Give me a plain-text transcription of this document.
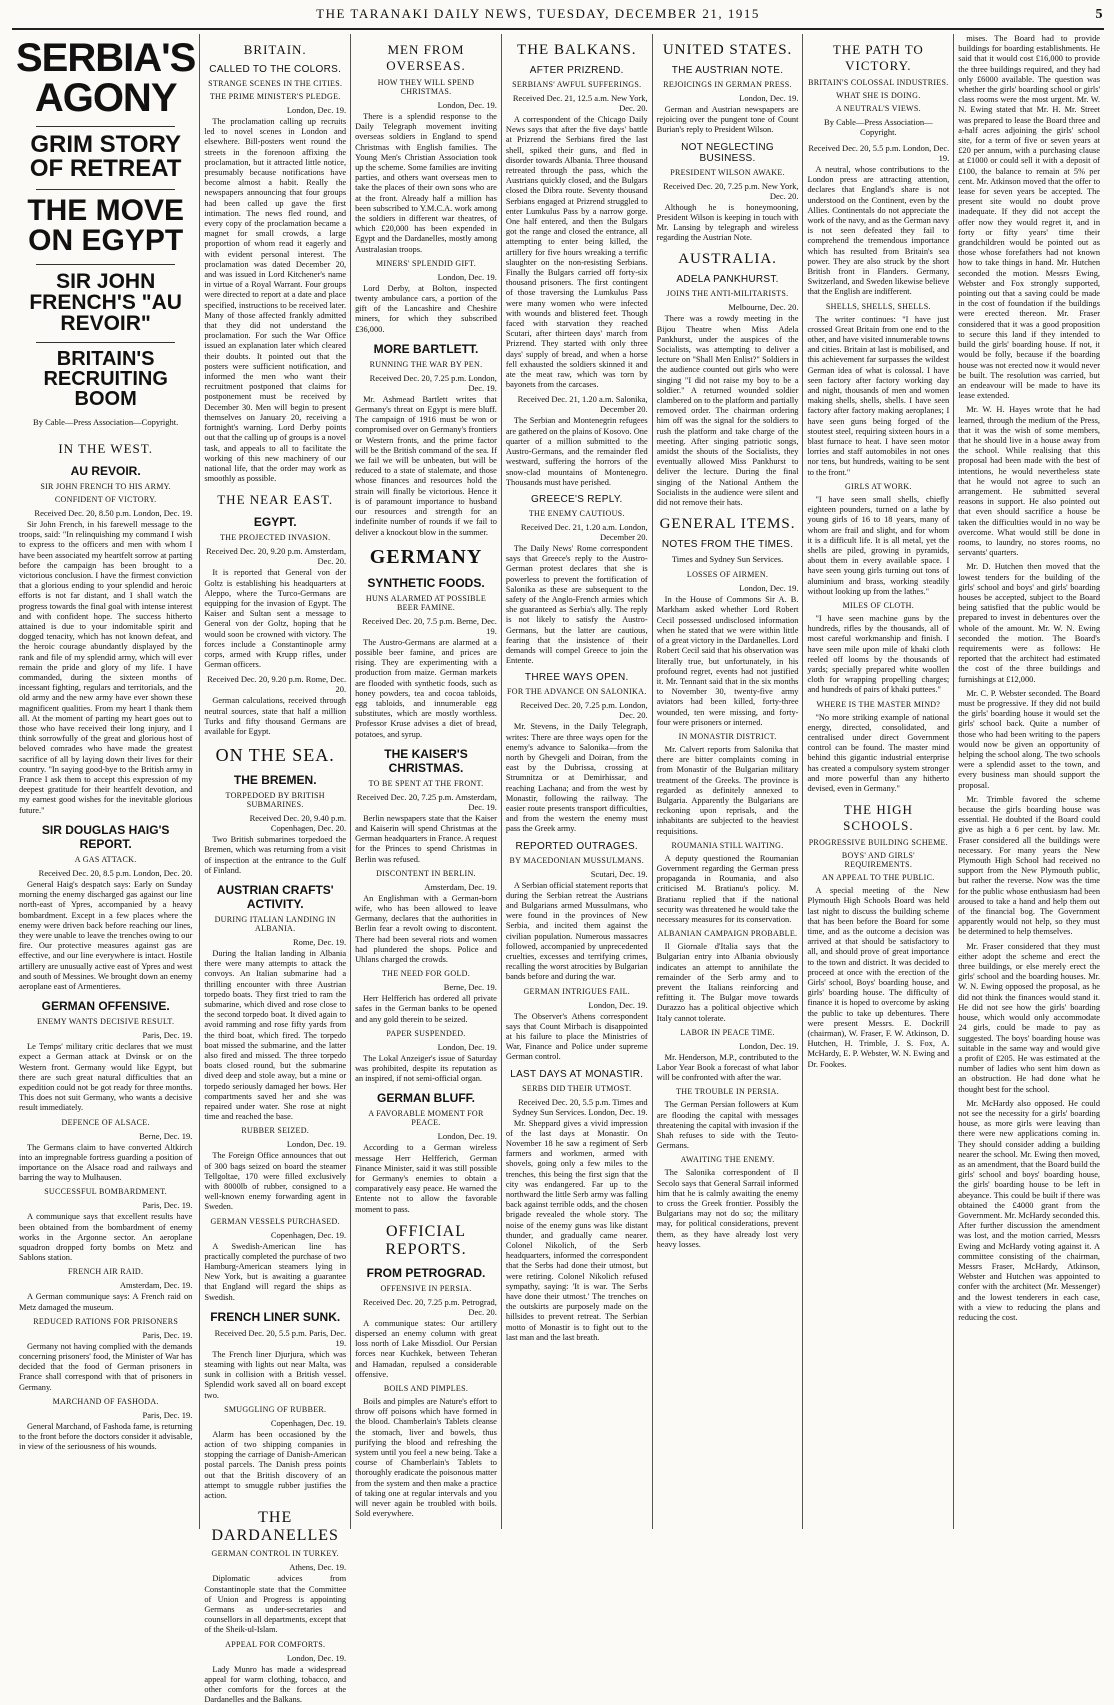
THE TARANAKI DAILY NEWS, TUESDAY, DECEMBER 21, 1915	5
SERBIA'S AGONY
GRIM STORY OF RETREAT
THE MOVE ON EGYPT
SIR JOHN FRENCH'S "AU REVOIR"
BRITAIN'S RECRUITING BOOM
By Cable—Press Association—Copyright.
IN THE WEST.
AU REVOIR.
SIR JOHN FRENCH TO HIS ARMY.
CONFIDENT OF VICTORY.
Received Dec. 20, 8.50 p.m. London, Dec. 19.

Sir John French, in his farewell message to the troops, said: "In relinquishing my command I wish to express to the officers and men with whom I have been associated my heartfelt sorrow at parting before the campaign has been brought to a victorious conclusion. I have the firmest conviction that a glorious ending to your splendid and heroic efforts is not far distant, and I shall watch the progress towards the final goal with intense interest and with confident hope. The success hitherto attained is due to your indomitable spirit and dogged tenacity, which has not known defeat, and the heroic courage abundantly displayed by the rank and file of my splendid army, which will ever remain the pride and glory of my life. I have commanded, during the sixteen months of incessant fighting, regulars and territorials, and the old army and the new army have ever shown these magnificent qualities. From my heart I thank them all. At the moment of parting my heart goes out to those who have received their long injury, and I think sorrowfully of the great and glorious host of beloved comrades who have made the greatest sacrifice of all by laying down their lives for their country. "In saying good-bye to the British army in France I ask them to accept this expression of my deepest gratitude for their heartfelt devotion, and my earnest good wishes for the inevitable glorious future."

SIR DOUGLAS HAIG'S REPORT.
A GAS ATTACK.
Received Dec. 20, 8.5 p.m. London, Dec. 20.

General Haig's despatch says: Early on Sunday morning the enemy discharged gas against our line north-east of Ypres, accompanied by a heavy bombardment. Except in a few places where the enemy were driven back before reaching our lines, they were unable to leave the trenches owing to our fire. Our protective measures against gas are effective, and our line everywhere is intact. Hostile artillery are unusually active east of Ypres and west and south of Messines. We brought down an enemy aeroplane east of Armentieres.

GERMAN OFFENSIVE.
ENEMY WANTS DECISIVE RESULT.
Paris, Dec. 19.

Le Temps' military critic declares that we must expect a German attack at Dvinsk or on the Western front. Germany would like Egypt, but there are such great natural difficulties that an expedition could not be got ready for three months. This does not suit Germany, who wants a decisive result immediately.

DEFENCE OF ALSACE.
Berne, Dec. 19.

The Germans claim to have converted Altkirch into an impregnable fortress guarding a position of importance on the Alsace road and railways and barring the way to Mulhausen.

SUCCESSFUL BOMBARDMENT.
Paris, Dec. 19.

A communique says that excellent results have been obtained from the bombardment of enemy works in the Argonne sector. An aeroplane squadron dropped forty bombs on Metz and Sablons station.

FRENCH AIR RAID.
Amsterdam, Dec. 19.

A German communique says: A French raid on Metz damaged the museum.

REDUCED RATIONS FOR PRISONERS
Paris, Dec. 19.

Germany not having complied with the demands concerning prisoners' food, the Minister of War has decided that the food of German prisoners in France shall correspond with that of prisoners in Germany.

MARCHAND OF FASHODA.
Paris, Dec. 19.

General Marchand, of Fashoda fame, is returning to the front before the doctors consider it advisable, in view of the seriousness of his wounds.

BRITAIN.
CALLED TO THE COLORS.
STRANGE SCENES IN THE CITIES.
THE PRIME MINISTER'S PLEDGE.
London, Dec. 19.

The proclamation calling up recruits led to novel scenes in London and elsewhere. Bill-posters went round the streets in the forenoon affixing the proclamation, but it attracted little notice, presumably because notifications have become almost a habit. Really the newspapers announcing that four groups had been called up gave the first intimation. The news fled round, and every copy of the proclamation became a magnet for small crowds, a large proportion of whom read it eagerly and with evident personal interest. The proclamation was dated December 20, and was issued in Lord Kitchener's name in virtue of a Royal Warrant. Four groups were directed to report at a date and place specified, instructions to be received later. Many of those affected frankly admitted that they did not understand the proclamation. For such the War Office issued an explanation later which cleared their doubts. It pointed out that the posters were sufficient notification, and informed the men who want their recruitment postponed that claims for postponement must be received by December 30. Men will begin to present themselves on January 20, receiving a fortnight's warning. Lord Derby points out that the calling up of groups is a novel task, and appeals to all to facilitate the working of this new machinery of our national life, that the order may work as smoothly as possible.

THE NEAR EAST.
EGYPT.
THE PROJECTED INVASION.
Received Dec. 20, 9.20 p.m. Amsterdam, Dec. 20.

It is reported that General von der Goltz is establishing his headquarters at Aleppo, where the Turco-Germans are equipping for the invasion of Egypt. The Kaiser and Sultan sent a message to General von der Goltz, hoping that he would soon be crowned with victory. The forces include a Constantinople army corps, armed with Krupp rifles, under German officers.

Received Dec. 20, 9.20 p.m. Rome, Dec. 20.

German calculations, received through neutral sources, state that half a million Turks and fifty thousand Germans are available for Egypt.

ON THE SEA.
THE BREMEN.
TORPEDOED BY BRITISH SUBMARINES.
Received Dec. 20, 9.40 p.m. Copenhagen, Dec. 20.

Two British submarines torpedoed the Bremen, which was returning from a visit of inspection at the entrance to the Gulf of Finland.

AUSTRIAN CRAFTS' ACTIVITY.
DURING ITALIAN LANDING IN ALBANIA.
Rome, Dec. 19.

During the Italian landing in Albania there were many attempts to attack the convoys. An Italian submarine had a thrilling encounter with three Austrian torpedo boats. They first tried to ram the submarine, which dived and rose close to the second torpedo boat. It dived again to avoid ramming and rose fifty yards from the third boat, which fired. The torpedo boat missed the submarine, and the latter also fired and missed. The three torpedo boats closed round, but the submarine dived deep and stole away, but a mine or torpedo seriously damaged her bows. Her compartments saved her and she was repaired under water. She rose at night time and reached the base.

RUBBER SEIZED.
London, Dec. 19.

The Foreign Office announces that out of 300 bags seized on board the steamer Tellgoltae, 170 were filled exclusively with 8000lb of rubber, consigned to a well-known enemy forwarding agent in Sweden.

GERMAN VESSELS PURCHASED.
Copenhagen, Dec. 19.

A Swedish-American line has practically completed the purchase of two Hamburg-American steamers lying in New York, but is awaiting a guarantee that England will regard the ships as Swedish.

FRENCH LINER SUNK.
Received Dec. 20, 5.5 p.m. Paris, Dec. 19.

The French liner Djurjura, which was steaming with lights out near Malta, was sunk in collision with a British vessel. Splendid work saved all on board except two.

SMUGGLING OF RUBBER.
Copenhagen, Dec. 19.

Alarm has been occasioned by the action of two shipping companies in stopping the carriage of Danish-American postal parcels. The Danish press points out that the British discovery of an attempt to smuggle rubber justifies the action.

THE DARDANELLES
GERMAN CONTROL IN TURKEY.
Athens, Dec. 19.

Diplomatic advices from Constantinople state that the Committee of Union and Progress is appointing Germans as under-secretaries and counsellors in all departments, except that of the Sheik-ul-Islam.

APPEAL FOR COMFORTS.
London, Dec. 19.

Lady Munro has made a widespread appeal for warm clothing, tobacco, and other comforts for the forces at the Dardanelles and the Balkans.

MEN FROM OVERSEAS.
HOW THEY WILL SPEND CHRISTMAS.
London, Dec. 19.

There is a splendid response to the Daily Telegraph movement inviting overseas soldiers in England to spend Christmas with English families. The Young Men's Christian Association took up the scheme. Some families are inviting parties, and others want overseas men to take the places of their own sons who are at the front. Already half a million has been subscribed to Y.M.C.A. work among the soldiers in different war theatres, of which £20,000 has been expended in Egypt and the Dardanelles, mostly among Australasian troops.

MINERS' SPLENDID GIFT.
London, Dec. 19.

Lord Derby, at Bolton, inspected twenty ambulance cars, a portion of the gift of the Lancashire and Cheshire miners, for which they subscribed £36,000.

MORE BARTLETT.
RUNNING THE WAR BY PEN.
Received Dec. 20, 7.25 p.m. London, Dec. 19.

Mr. Ashmead Bartlett writes that Germany's threat on Egypt is mere bluff. The campaign of 1916 must be won or compromised over on Germany's frontiers or Western fronts, and the prime factor will be the British command of the sea. If we fail we will be unbeaten, but will be reduced to a state of stalemate, and those whose finances and resources hold the strain will finally be victorious. Hence it is of paramount importance to husband our resources and strength for an indefinite number of rounds if we fail to deliver a knockout blow in the summer.

GERMANY
SYNTHETIC FOODS.
HUNS ALARMED AT POSSIBLE BEER FAMINE.
Received Dec. 20, 7.5 p.m. Berne, Dec. 19.

The Austro-Germans are alarmed at a possible beer famine, and prices are rising. They are experimenting with a production from maize. German markets are flooded with synthetic foods, such as honey powders, tea and cocoa tabloids, egg tabloids, and innumerable egg substitutes, which are mostly worthless. Professor Kruse advises a diet of bread, potatoes, and syrup.

THE KAISER'S CHRISTMAS.
TO BE SPENT AT THE FRONT.
Received Dec. 20, 7.25 p.m. Amsterdam, Dec. 19.

Berlin newspapers state that the Kaiser and Kaiserin will spend Christmas at the German headquarters in France. A request for the Princes to spend Christmas in Berlin was refused.

DISCONTENT IN BERLIN.
Amsterdam, Dec. 19.

An Englishman with a German-born wife, who has been allowed to leave Germany, declares that the authorities in Berlin fear a revolt owing to discontent. There had been several riots and women had plundered the shops. Police and Uhlans charged the crowds.

THE NEED FOR GOLD.
Berne, Dec. 19.

Herr Helfferich has ordered all private safes in the German banks to be opened and any gold therein to be seized.

PAPER SUSPENDED.
London, Dec. 19.

The Lokal Anzeiger's issue of Saturday was prohibited, despite its reputation as an inspired, if not semi-official organ.

GERMAN BLUFF.
A FAVORABLE MOMENT FOR PEACE.
London, Dec. 19.

According to a German wireless message Herr Helfferich, German Finance Minister, said it was still possible for Germany's enemies to obtain a comparatively easy peace. He warned the Entente not to allow the favorable moment to pass.

OFFICIAL REPORTS.
FROM PETROGRAD.
OFFENSIVE IN PERSIA.
Received Dec. 20, 7.25 p.m. Petrograd, Dec. 20.

A communique states: Our artillery dispersed an enemy column with great loss north of Lake Missdiol. Our Persian forces near Kuchkek, between Teheran and Hamadan, repulsed a considerable offensive.

BOILS AND PIMPLES.

Boils and pimples are Nature's effort to throw off poisons which have formed in the blood. Chamberlain's Tablets cleanse the stomach, liver and bowels, thus purifying the blood and refreshing the system until you feel a new being. Take a course of Chamberlain's Tablets to thoroughly eradicate the poisonous matter from the system and then make a practice of taking one at regular intervals and you will never again be troubled with boils. Sold everywhere.

THE BALKANS.
AFTER PRIZREND.
SERBIANS' AWFUL SUFFERINGS.
Received Dec. 21, 12.5 a.m. New York, Dec. 20.

A correspondent of the Chicago Daily News says that after the five days' battle at Prizrend the Serbians fired the last shell, spiked their guns, and fled in disorder towards Albania. Three thousand retreated through the pass, which the Austrians quickly closed, and the Bulgars closed the Dibra route. Seventy thousand Serbians engaged at Prizrend struggled to enter Lumkulus Pass by a narrow gorge. One half entered, and then the Bulgars got the range and closed the entrance, all attempting to enter being killed, the artillery for five hours wreaking a terrific slaughter on the non-resisting Serbians. Finally the Bulgars carried off forty-six thousand prisoners. The first contingent of those traversing the Lumkulus Pass were many women who were infected with wounds and blistered feet. Though faced with starvation they reached Scutari, after thirteen days' march from Prizrend. They started with only three days' supply of bread, and when a horse fell exhausted the soldiers skinned it and ate the meat raw, which was torn by bayonets from the carcases.

Received Dec. 21, 1.20 a.m. Salonika, December 20.

The Serbian and Montenegrin refugees are gathered on the plains of Kosovo. One quarter of a million submitted to the Austro-Germans, and the remainder fled westward, suffering the horrors of the snow-clad mountains of Montenegro. Thousands must have perished.

GREECE'S REPLY.
THE ENEMY CAUTIOUS.
Received Dec. 21, 1.20 a.m. London, December 20.

The Daily News' Rome correspondent says that Greece's reply to the Austro-German protest declares that she is powerless to prevent the fortification of Salonika as these are subsequent to the safety of the Anglo-French armies which she guaranteed as Serbia's ally. The reply is not likely to satisfy the Austro-Germans, but the latter are cautious, fearing that the insistence of their demands will compel Greece to join the Entente.

THREE WAYS OPEN.
FOR THE ADVANCE ON SALONIKA.
Received Dec. 20, 7.25 p.m. London, Dec. 20.

Mr. Stevens, in the Daily Telegraph, writes: There are three ways open for the enemy's advance to Salonika—from the north by Ghevgeli and Doiran, from the east by the Dubrissa, crossing at Strumnitza or at Demirhissar, and reaching Lachana; and from the west by Monastir, following the railway. The easier route presents transport difficulties, and from the western the enemy must pass the Greek army.

REPORTED OUTRAGES.
BY MACEDONIAN MUSSULMANS.
Scutari, Dec. 19.

A Serbian official statement reports that during the Serbian retreat the Austrians and Bulgarians armed Mussulmans, who were found in the provinces of New Serbia, and incited them against the civilian population. Numerous massacres followed, accompanied by unprecedented cruelties, excesses and terrifying crimes, recalling the worst atrocities by Bulgarian bands before and during the war.

GERMAN INTRIGUES FAIL.
London, Dec. 19.

The Observer's Athens correspondent says that Count Mirbach is disappointed at his failure to place the Ministries of War, Finance and Police under supreme German control.

LAST DAYS AT MONASTIR.
SERBS DID THEIR UTMOST.
Received Dec. 20, 5.5 p.m. Times and Sydney Sun Services. London, Dec. 19.

Mr. Sheppard gives a vivid impression of the last days at Monastir. On November 18 he saw a regiment of Serb farmers and workmen, armed with shovels, going only a few miles to the trenches, this being the first sign that the city was endangered. Far up to the northward the little Serb army was falling back against terrible odds, and the chosen brigade revealed the whole story. The noise of the enemy guns was like distant thunder, and gradually came nearer. Colonel Nikolich, of the Serb headquarters, informed the correspondent that the Serbs had done their utmost, but were retiring. Colonel Nikolich refused sympathy, saying: 'It is war. The Serbs have done their utmost.' The trenches on the outskirts are purposely made on the hillsides to prevent retreat. The Serbian motto of Monastir is to fight out to the last man and the last breath.

UNITED STATES.
THE AUSTRIAN NOTE.
REJOICINGS IN GERMAN PRESS.
London, Dec. 19.

German and Austrian newspapers are rejoicing over the pungent tone of Count Burian's reply to President Wilson.

NOT NEGLECTING BUSINESS.
PRESIDENT WILSON AWAKE.
Received Dec. 20, 7.25 p.m. New York, Dec. 20.

Although he is honeymooning, President Wilson is keeping in touch with Mr. Lansing by telegraph and wireless regarding the Austrian Note.

AUSTRALIA.
ADELA PANKHURST.
JOINS THE ANTI-MILITARISTS.
Melbourne, Dec. 20.

There was a rowdy meeting in the Bijou Theatre when Miss Adela Pankhurst, under the auspices of the Socialists, was attempting to deliver a lecture on "Shall Men Enlist?" Soldiers in the audience counted out girls who were singing "I did not raise my boy to be a soldier." A returned wounded soldier clambered on to the platform and partially removed order. The chairman ordering him off was the signal for the soldiers to rush the platform and take charge of the meeting. After singing patriotic songs, amidst the shouts of the Socialists, they eventually allowed Miss Pankhurst to deliver the lecture. During the final singing of the National Anthem the Socialists in the audience were silent and did not remove their hats.

GENERAL ITEMS.
NOTES FROM THE TIMES.
Times and Sydney Sun Services.
LOSSES OF AIRMEN.
London, Dec. 19.

In the House of Commons Sir A. B. Markham asked whether Lord Robert Cecil possessed undisclosed information when he stated that we were within little of a great victory in the Dardanelles. Lord Robert Cecil said that his observation was literally true, but unfortunately, in his profound regret, events had not justified it. Mr. Tennant said that in the six months to November 30, twenty-five army aviators had been killed, forty-three wounded, ten were missing, and forty-four were prisoners or interned.

IN MONASTIR DISTRICT.

Mr. Calvert reports from Salonika that there are bitter complaints coming in from Monastir of the Bulgarian military treatment of the Greeks. The province is regarded as definitely annexed to Bulgaria. Apparently the Bulgarians are reckoning upon reprisals, and the inhabitants are subjected to the heaviest requisitions.

ROUMANIA STILL WAITING.

A deputy questioned the Roumanian Government regarding the German press propaganda in Roumania, and also criticised M. Bratianu's policy. M. Bratianu replied that if the national security was threatened he would take the necessary measures for its conservation.

ALBANIAN CAMPAIGN PROBABLE.

Il Giornale d'Italia says that the Bulgarian entry into Albania obviously indicates an attempt to annihilate the remainder of the Serb army and to prevent the Italians reinforcing and refitting it. The Bulgar move towards Durazzo has a political objective which Italy cannot tolerate.

LABOR IN PEACE TIME.
London, Dec. 19.

Mr. Henderson, M.P., contributed to the Labor Year Book a forecast of what labor will be confronted with after the war.

THE TROUBLE IN PERSIA.

The German Persian followers at Kum are flooding the capital with messages threatening the capital with invasion if the Shah refuses to side with the Teuto-Germans.

AWAITING THE ENEMY.

The Salonika correspondent of Il Secolo says that General Sarrail informed him that he is calmly awaiting the enemy to cross the Greek frontier. Possibly the Bulgarians may not do so; the military may, for political considerations, prevent them, as they have already lost very heavy losses.

THE PATH TO VICTORY.
BRITAIN'S COLOSSAL INDUSTRIES.
WHAT SHE IS DOING.
A NEUTRAL'S VIEWS.
By Cable—Press Association—Copyright.
Received Dec. 20, 5.5 p.m. London, Dec. 19.

A neutral, whose contributions to the London press are attracting attention, declares that England's share is not understood on the Continent, even by the Allies. Continentals do not appreciate the work of the navy, and as the German navy is not seen defeated they fail to comprehend the tremendous importance which has resulted from Britain's sea power. They are also struck by the short British front in Flanders. Germany, Switzerland, and Sweden likewise believe that the English are indifferent.

SHELLS, SHELLS, SHELLS.

The writer continues: "I have just crossed Great Britain from one end to the other, and have visited innumerable towns and cities. Britain at last is mobilised, and this achievement far surpasses the wildest German idea of what is colossal. I have seen factory after factory working day and night, thousands of men and women making shells, shells, shells. I have seen factory after factory making aeroplanes; I have seen guns being forged of the stoutest steel, requiring sixteen hours in a blast furnace to heat. I have seen motor lorries and staff automobiles in not ones nor tens, but hundreds, waiting to be sent to the front."

GIRLS AT WORK.

"I have seen small shells, chiefly eighteen pounders, turned on a lathe by young girls of 16 to 18 years, many of whom are frail and slight, and for whom it is a difficult life. It is all metal, yet the shells are piled, growing in pyramids, about them in every available space. I have seen young girls turning out tons of aluminium and brass, working steadily without looking up from the lathes."

MILES OF CLOTH.

"I have seen machine guns by the hundreds, rifles by the thousands, all of most careful workmanship and finish. I have seen mile upon mile of khaki cloth reeled off looms by the thousands of yards; specially prepared white woollen cloth for wrapping propelling charges; and hundreds of pairs of khaki puttees."

WHERE IS THE MASTER MIND?

"No more striking example of national energy, directed, consolidated, and centralised under direct Government control can be found. The master mind behind this gigantic industrial enterprise has created a compulsory system stronger and more powerful than any hitherto devised, even in Germany."

THE HIGH SCHOOLS.
PROGRESSIVE BUILDING SCHEME.
BOYS' AND GIRLS' REQUIREMENTS.
AN APPEAL TO THE PUBLIC.

A special meeting of the New Plymouth High Schools Board was held last night to discuss the building scheme that has been before the Board for some time, and as the outcome a decision was arrived at that should be satisfactory to all, and should prove of great importance to the town and district. It was decided to proceed at once with the erection of the Girls' school, Boys' boarding house, and girls' boarding house. The difficulty of finance it is hoped to overcome by asking the public to take up debentures. There were present Messrs. E. Dockrill (chairman), W. Fraser, F. W. Atkinson, D. Hutchen, H. Trimble, J. S. Fox, A. McHardy, E. P. Webster, W. N. Ewing and Dr. Fookes.

mises. The Board had to provide buildings for boarding establishments. He said that it would cost £16,000 to provide the three buildings required, and they had only £6000 available. The question was whether the girls' boarding school or girls' class rooms were the most urgent. Mr. W. N. Ewing stated that Mr. H. Mr. Street was prepared to lease the Board three and a-half acres adjoining the girls' school site, for a term of five or seven years at £20 per annum, with a purchasing clause at £1000 or could sell it with a deposit of £100, the balance to remain at 5% per cent. Mr. Atkinson moved that the offer to lease for seven years be accepted. The present site would no doubt prove inadequate. If they did not accept the offer now they would regret it, and in forty or fifty years' time their grandchildren would be pointed out as those whose forefathers had not known how to take things in hand. Mr. Hutchen seconded the motion. Messrs Ewing, Webster and Fox strongly supported, pointing out that a saving could be made in the cost of foundation if the buildings were erected thereon. Mr. Fraser considered that it was a good proposition to secure this land if they intended to build the girls' boarding house. If not, it would be folly, because if the boarding house was not erected now it would never be built. The resolution was carried, but an endeavour will be made to have its lease extended.

Mr. W. H. Hayes wrote that he had learned, through the medium of the Press, that it was the wish of some members, that he should live in a house away from the school. While realising that this proposal had been made with the best of intentions, he would nevertheless state that he would not agree to such an arrangement. He submitted several reasons in support. He also pointed out that even should sacrifice a house be taken the difficulties would in no way be overcome. What would still be done in rooms, to laundry, no stores rooms, no servants' quarters.

Mr. D. Hutchen then moved that the lowest tenders for the building of the girls' school and boys' and girls' boarding houses be accepted, subject to the Board being satisfied that the public would be prepared to invest in debentures over the whole of the amount. Mr. W. N. Ewing seconded the motion. The Board's requirements were as follows: He reported that the architect had estimated the cost of the three buildings and furnishings at £12,000.

Mr. C. P. Webster seconded. The Board must be progressive. If they did not build the girls' boarding house it would set the girls' school back. Quite a number of those who had been writing to the papers would now be given an opportunity of helping the school along. The two schools were a splendid asset to the town, and every business man should support the proposal.

Mr. Trimble favored the scheme because the girls boarding house was essential. He doubted if the Board could give as high a 6 per cent. by law. Mr. Fraser considered all the buildings were necessary. For many years the New Plymouth High School had received no support from the New Plymouth public, but rather the reverse. Now was the time for the public whose enthusiasm had been aroused to take a hand and help them out of the financial bog. The Government apparently would not help, so they must be determined to help themselves.

Mr. Fraser considered that they must either adopt the scheme and erect the three buildings, or else merely erect the girls' school and the boarding houses. Mr. W. N. Ewing opposed the proposal, as he did not think the finances would stand it. He did not see how the girls' boarding house, which would only accommodate 24 girls, could be made to pay as suggested. The boys' boarding house was suitable in the same way and would give a profit of £205. He was estimated at the number of ladies who sent him down as an obstruction. He had done what he thought best for the school.

Mr. McHardy also opposed. He could not see the necessity for a girls' boarding house, as more girls were leaving than there were new applications coming in. They should consider adding a building nearer the school. Mr. Ewing then moved, as an amendment, that the Board build the girls' school and boys' boarding house, the girls' boarding house to be left in abeyance. This could be built if there was obtained the £4000 grant from the Government. Mr. McHardy seconded this. After further discussion the amendment was lost, and the motion carried, Messrs Ewing and McHardy voting against it. A committee consisting of the chairman, Messrs Fraser, McHardy, Atkinson, Webster and Hutchen was appointed to confer with the architect (Mr. Messenger) and the lowest tenderers in each case, with a view to reducing the plans and reducing the cost.
